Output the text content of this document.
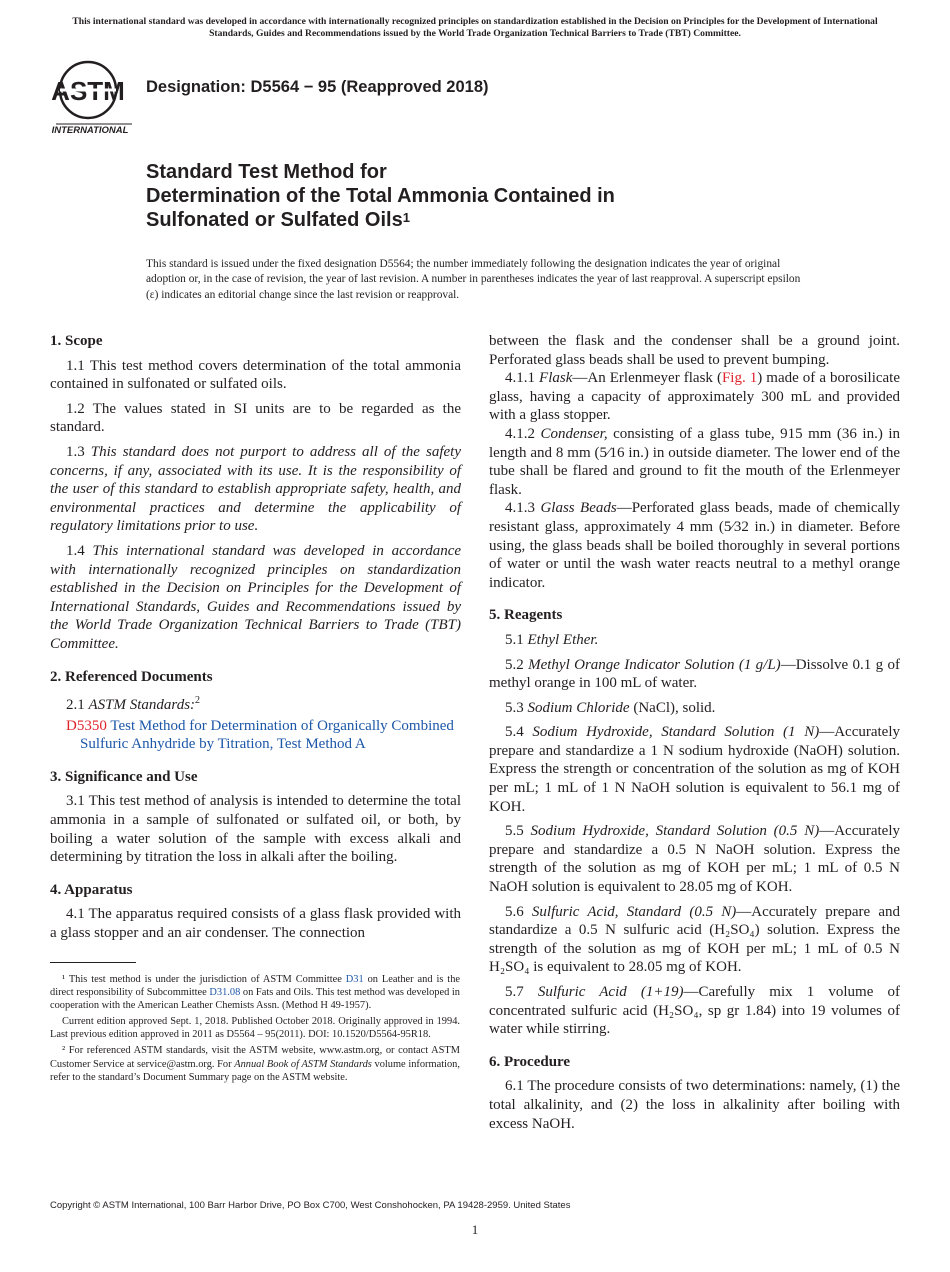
This international standard was developed in accordance with internationally recognized principles on standardization established in the Decision on Principles for the Development of International Standards, Guides and Recommendations issued by the World Trade Organization Technical Barriers to Trade (TBT) Committee.
ASTM
INTERNATIONAL
Designation: D5564 − 95 (Reapproved 2018)
Standard Test Method for
Determination of the Total Ammonia Contained in
Sulfonated or Sulfated Oils$^1$
This standard is issued under the fixed designation D5564; the number immediately following the designation indicates the year of original adoption or, in the case of revision, the year of last revision. A number in parentheses indicates the year of last reapproval. A superscript epsilon (ε) indicates an editorial change since the last revision or reapproval.
1. Scope

1.1 This test method covers determination of the total ammonia contained in sulfonated or sulfated oils.

1.2 The values stated in SI units are to be regarded as the standard.

1.3 This standard does not purport to address all of the safety concerns, if any, associated with its use. It is the responsibility of the user of this standard to establish appropriate safety, health, and environmental practices and determine the applicability of regulatory limitations prior to use.

1.4 This international standard was developed in accordance with internationally recognized principles on standardization established in the Decision on Principles for the Development of International Standards, Guides and Recommendations issued by the World Trade Organization Technical Barriers to Trade (TBT) Committee.

2. Referenced Documents

2.1 ASTM Standards:$^2$

D5350 Test Method for Determination of Organically Combined Sulfuric Anhydride by Titration, Test Method A

3. Significance and Use

3.1 This test method of analysis is intended to determine the total ammonia in a sample of sulfonated or sulfated oil, or both, by boiling a water solution of the sample with excess alkali and determining by titration the loss in alkali after the boiling.

4. Apparatus

4.1 The apparatus required consists of a glass flask provided with a glass stopper and an air condenser. The connection

between the flask and the condenser shall be a ground joint. Perforated glass beads shall be used to prevent bumping.

4.1.1 Flask—An Erlenmeyer flask (Fig. 1) made of a borosilicate glass, having a capacity of approximately 300 mL and provided with a glass stopper.

4.1.2 Condenser, consisting of a glass tube, 915 mm (36 in.) in length and 8 mm (5⁄16 in.) in outside diameter. The lower end of the tube shall be flared and ground to fit the mouth of the Erlenmeyer flask.

4.1.3 Glass Beads—Perforated glass beads, made of chemically resistant glass, approximately 4 mm (5⁄32 in.) in diameter. Before using, the glass beads shall be boiled thoroughly in several portions of water or until the wash water reacts neutral to a methyl orange indicator.

5. Reagents

5.1 Ethyl Ether.

5.2 Methyl Orange Indicator Solution (1 g/L)—Dissolve 0.1 g of methyl orange in 100 mL of water.

5.3 Sodium Chloride (NaCl), solid.

5.4 Sodium Hydroxide, Standard Solution (1 N)—Accurately prepare and standardize a 1 N sodium hydroxide (NaOH) solution. Express the strength or concentration of the solution as mg of KOH per mL; 1 mL of 1 N NaOH solution is equivalent to 56.1 mg of KOH.

5.5 Sodium Hydroxide, Standard Solution (0.5 N)—Accurately prepare and standardize a 0.5 N NaOH solution. Express the strength of the solution as mg of KOH per mL; 1 mL of 0.5 N NaOH solution is equivalent to 28.05 mg of KOH.

5.6 Sulfuric Acid, Standard (0.5 N)—Accurately prepare and standardize a 0.5 N sulfuric acid (H₂SO₄) solution. Express the strength of the solution as mg of KOH per mL; 1 mL of 0.5 N H₂SO₄ is equivalent to 28.05 mg of KOH.

5.7 Sulfuric Acid (1+19)—Carefully mix 1 volume of concentrated sulfuric acid (H₂SO₄, sp gr 1.84) into 19 volumes of water while stirring.

6. Procedure

6.1 The procedure consists of two determinations: namely, (1) the total alkalinity, and (2) the loss in alkalinity after boiling with excess NaOH.

¹ This test method is under the jurisdiction of ASTM Committee D31 on Leather and is the direct responsibility of Subcommittee D31.08 on Fats and Oils. This test method was developed in cooperation with the American Leather Chemists Assn. (Method H 49-1957).

Current edition approved Sept. 1, 2018. Published October 2018. Originally approved in 1994. Last previous edition approved in 2011 as D5564 – 95(2011). DOI: 10.1520/D5564-95R18.

² For referenced ASTM standards, visit the ASTM website, www.astm.org, or contact ASTM Customer Service at service@astm.org. For Annual Book of ASTM Standards volume information, refer to the standard’s Document Summary page on the ASTM website.

Copyright © ASTM International, 100 Barr Harbor Drive, PO Box C700, West Conshohocken, PA 19428-2959. United States
1
